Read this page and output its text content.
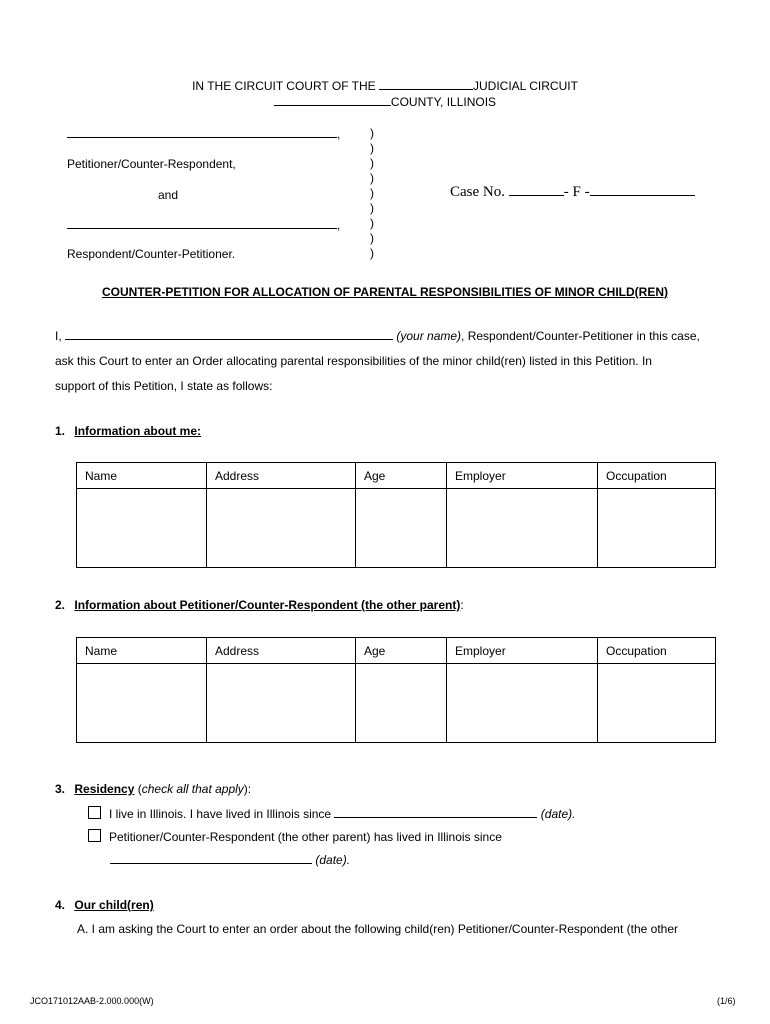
IN THE CIRCUIT COURT OF THE	JUDICIAL CIRCUIT
COUNTY, ILLINOIS
,
Petitioner/Counter-Respondent,
and
,
Respondent/Counter-Petitioner.
)
)
)
)
)
)
)
)
)
Case No.	- F -
COUNTER-PETITION FOR ALLOCATION OF PARENTAL RESPONSIBILITIES OF MINOR CHILD(REN)
I,	(your name), Respondent/Counter-Petitioner in this case,
ask this Court to enter an Order allocating parental responsibilities of the minor child(ren) listed in this Petition. In
support of this Petition, I state as follows:
1. Information about me:
Name	Address	Age	Employer	Occupation

2. Information about Petitioner/Counter-Respondent (the other parent):
Name	Address	Age	Employer	Occupation

3. Residency (check all that apply):
I live in Illinois. I have lived in Illinois since	(date).
Petitioner/Counter-Respondent (the other parent) has lived in Illinois since
(date).
4. Our child(ren)
A. I am asking the Court to enter an order about the following child(ren) Petitioner/Counter-Respondent (the other
JCO171012AAB-2.000.000(W)	(1/6)
